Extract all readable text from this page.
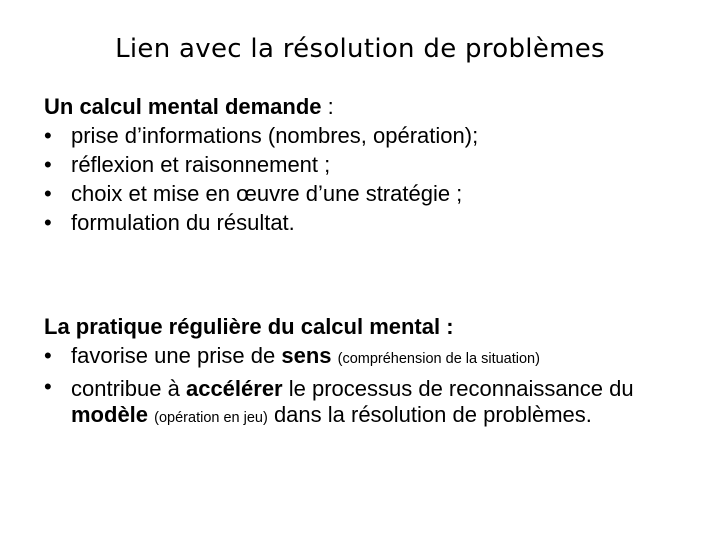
Lien avec la résolution de problèmes
Un calcul mental demande :
• prise d’informations (nombres, opération);
• réflexion et raisonnement ;
• choix et mise en œuvre d’une stratégie ;
• formulation du résultat.
La pratique régulière du calcul mental :
• favorise une prise de sens (compréhension de la situation)
• contribue à accélérer le processus de reconnaissance du modèle (opération en jeu) dans la résolution de problèmes.
